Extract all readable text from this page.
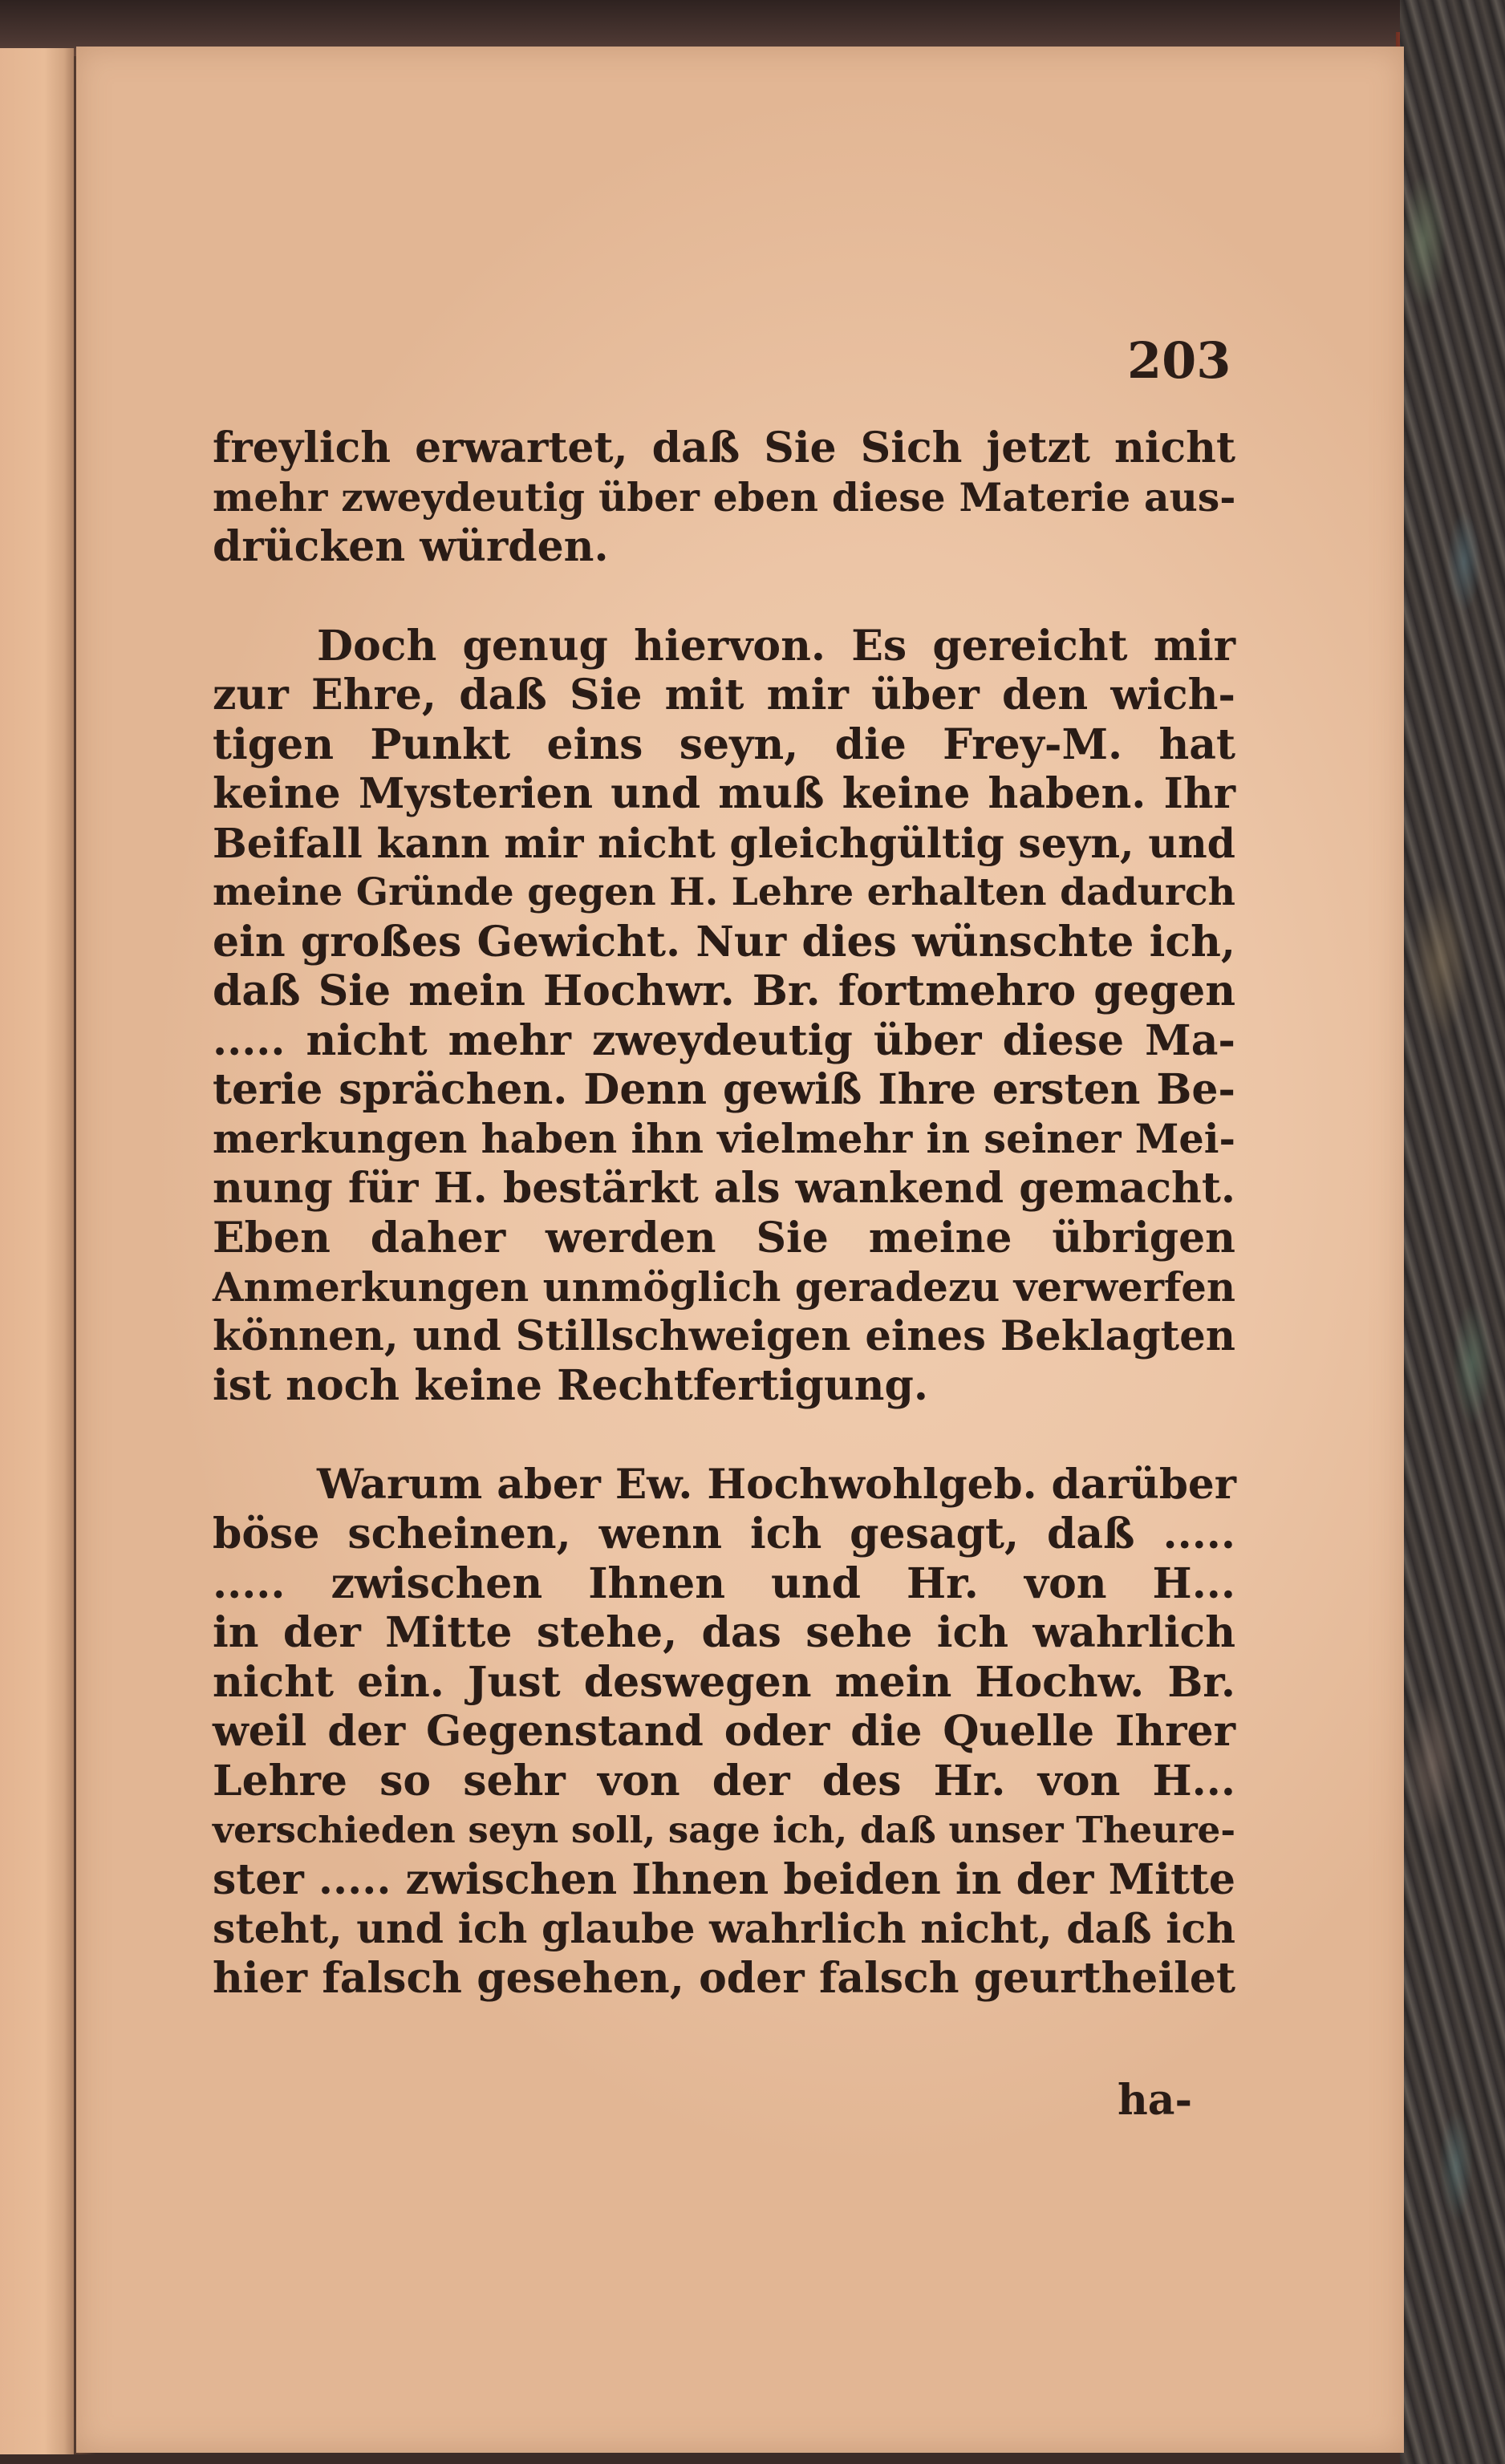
203

freylich erwartet, daß Sie Sich jetzt nicht
mehr zweydeutig über eben diese Materie aus-
drücken würden.
Doch genug hiervon. Es gereicht mir
zur Ehre, daß Sie mit mir über den wich-
tigen Punkt eins seyn, die Frey-M. hat
keine Mysterien und muß keine haben. Ihr
Beifall kann mir nicht gleichgültig seyn, und
meine Gründe gegen H. Lehre erhalten dadurch
ein großes Gewicht. Nur dies wünschte ich,
daß Sie mein Hochwr. Br. fortmehro gegen
..... nicht mehr zweydeutig über diese Ma-
terie sprächen. Denn gewiß Ihre ersten Be-
merkungen haben ihn vielmehr in seiner Mei-
nung für H. bestärkt als wankend gemacht.
Eben daher werden Sie meine übrigen
Anmerkungen unmöglich geradezu verwerfen
können, und Stillschweigen eines Beklagten
ist noch keine Rechtfertigung.
Warum aber Ew. Hochwohlgeb. darüber
böse scheinen, wenn ich gesagt, daß .....
..... zwischen Ihnen und Hr. von H...
in der Mitte stehe, das sehe ich wahrlich
nicht ein. Just deswegen mein Hochw. Br.
weil der Gegenstand oder die Quelle Ihrer
Lehre so sehr von der des Hr. von H...
verschieden seyn soll, sage ich, daß unser Theure-
ster ..... zwischen Ihnen beiden in der Mitte
steht, und ich glaube wahrlich nicht, daß ich
hier falsch gesehen, oder falsch geurtheilet

ha-
